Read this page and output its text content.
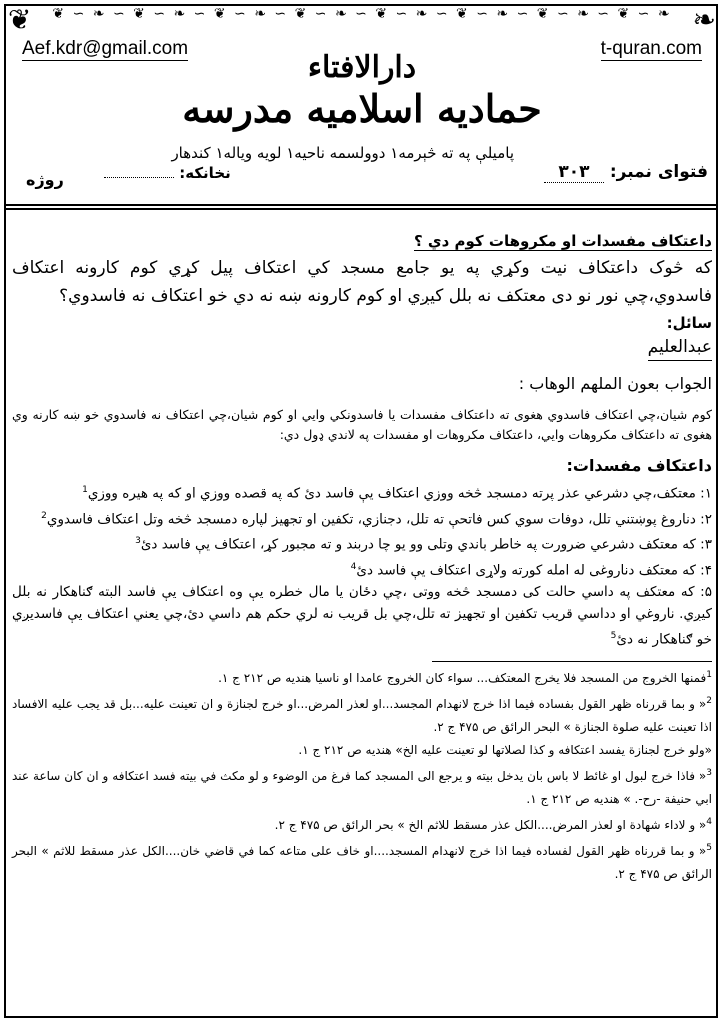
❦ ∽ ❧ ∽ ❦ ∽ ❧ ∽ ❦ ∽ ❧ ∽ ❦ ∽ ❧ ∽ ❦ ∽ ❧ ∽ ❦ ∽ ❧ ∽ ❦ ∽ ❧ ∽ ❦ ∽ ❧
❦	❧
Aef.kdr@gmail.com	t-quran.com
دارالافتاء
حمادیه اسلامیه مدرسه
پامیلې په ته څېرمه۱ دوولسمه ناحیه۱ لویه ویاله۱ کندهار
فتوای نمبر: ۳۰۳
نخانکه:
روژه

داعتکاف مفسدات او مکروهات کوم دي ؟

که څوک داعتکاف نیت وکړي په یو جامع مسجد کي اعتکاف پیل کړي کوم کارونه اعتکاف فاسدوي،چي نور نو دی معتکف نه بلل کیږي او کوم کارونه ښه نه دي خو اعتکاف نه فاسدوي؟

سائل:

عبدالعلیم

الجواب بعون الملهم الوهاب :

کوم شیان،چي اعتکاف فاسدوي هغوی ته داعتکاف مفسدات یا فاسدونکي وایي او کوم شیان،چي اعتکاف نه فاسدوي خو ښه کارنه وي هغوی ته داعتکاف مکروهات وایي، داعتکاف مکروهات او مفسدات په لاندي ډول دي:

داعتکاف مفسدات:

۱: معتکف،چي دشرعي عذر پرته دمسجد څخه ووزي اعتکاف یې فاسد دئ که په قصده ووزي او که په هیره ووزي$^1$

۲: دناروغ پوښتني تلل، دوفات سوي کس فاتحې ته تلل، دجنازي، تکفین او تجهیز لپاره دمسجد څخه وتل اعتکاف فاسدوي$^2$

۳: که معتکف دشرعي ضرورت په خاطر باندي وتلی وو یو چا دربند و ته مجبور کړ، اعتکاف یې فاسد دئ$^3$

۴: که معتکف دناروغی له امله کورته ولاړی اعتکاف یې فاسد دئ$^4$

۵: که معتکف په داسي حالت کی دمسجد څخه ووتی ،چي دځان یا مال خطره یې وه اعتکاف یې فاسد البته ګناهکار نه بلل کیږي. ناروغي او دداسي قریب تکفین او تجهیز ته تلل،چي بل قریب نه لري حکم هم داسي دئ،چي یعني اعتکاف یې فاسدیږي خو ګناهکار نه دئ$^5$

$^1$فمنها الخروج من المسجد فلا یخرج المعتکف... سواء کان الخروج عامدا او ناسیا هندیه ص ۲۱۲ ج ۱.

$^2$« و بما قررناه ظهر القول بفساده فیما اذا خرج لانهدام المجسد...او لعذر المرض...او خرج لجنازة و ان تعینت علیه...بل قد یجب علیه الافساد اذا تعینت علیه صلوة الجنازة » البحر الرائق ص ۴۷۵ ج ۲.

«ولو خرج لجنازة یفسد اعتکافه و کذا لصلاتها لو تعینت علیه الخ» هندیه ص ۲۱۲ ج ۱.

$^3$« فاذا خرج لبول او غائط لا باس بان یدخل بیته و یرجع الی المسجد کما فرغ من الوضوء و لو مکث في بیته فسد اعتکافه و ان کان ساعة عند ابي حنیفة -رح-. » هندیه ص ۲۱۲ ج ۱.

$^4$« و لاداء شهادة او لعذر المرض....الکل عذر مسقط للاثم الخ » بحر الرائق ص ۴۷۵ ج ۲.

$^5$« و بما قررناه ظهر القول لفساده فیما اذا خرج لانهدام المسجد....او خاف علی متاعه کما في قاضي خان....الکل عذر مسقط للاثم » البحر الرائق ص ۴۷۵ ج ۲.
